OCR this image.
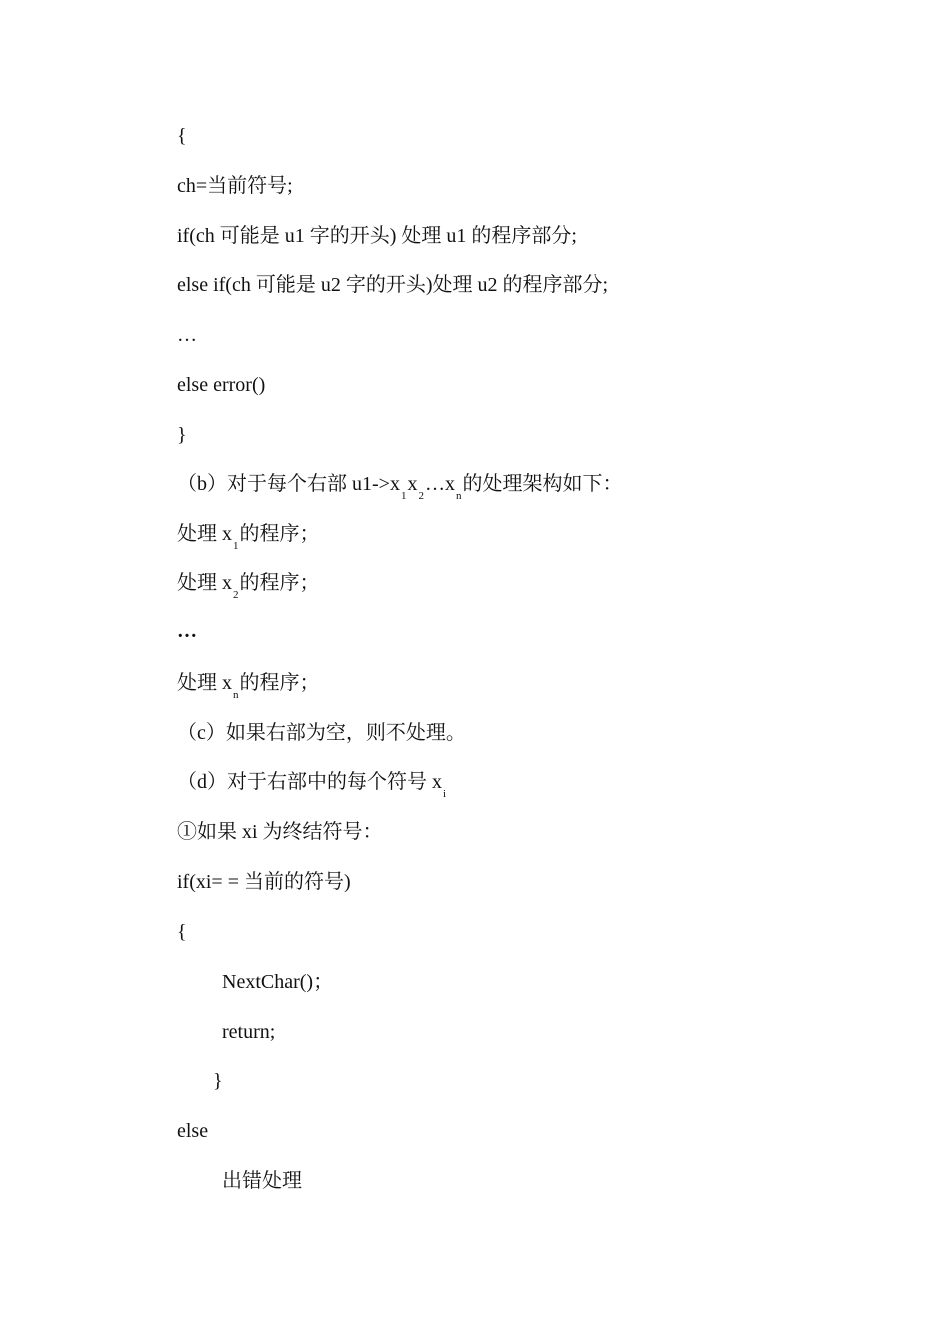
{
ch=当前符号;
if(ch 可能是 u1 字的开头) 处理 u1 的程序部分;
else if(ch 可能是 u2 字的开头)处理 u2 的程序部分;
…
else error()
}
（b）对于每个右部 $u1->x_1x_2\dots x_n$的处理架构如下：
处理 $x_1$的程序；
处理 $x_2$的程序；
…
处理 $x_n$的程序；
（c）如果右部为空，则不处理。
（d）对于右部中的每个符号 $x_i$
①如果 xi 为终结符号：
if(xi= = 当前的符号)
{
NextChar()；
return;
}
else
出错处理
